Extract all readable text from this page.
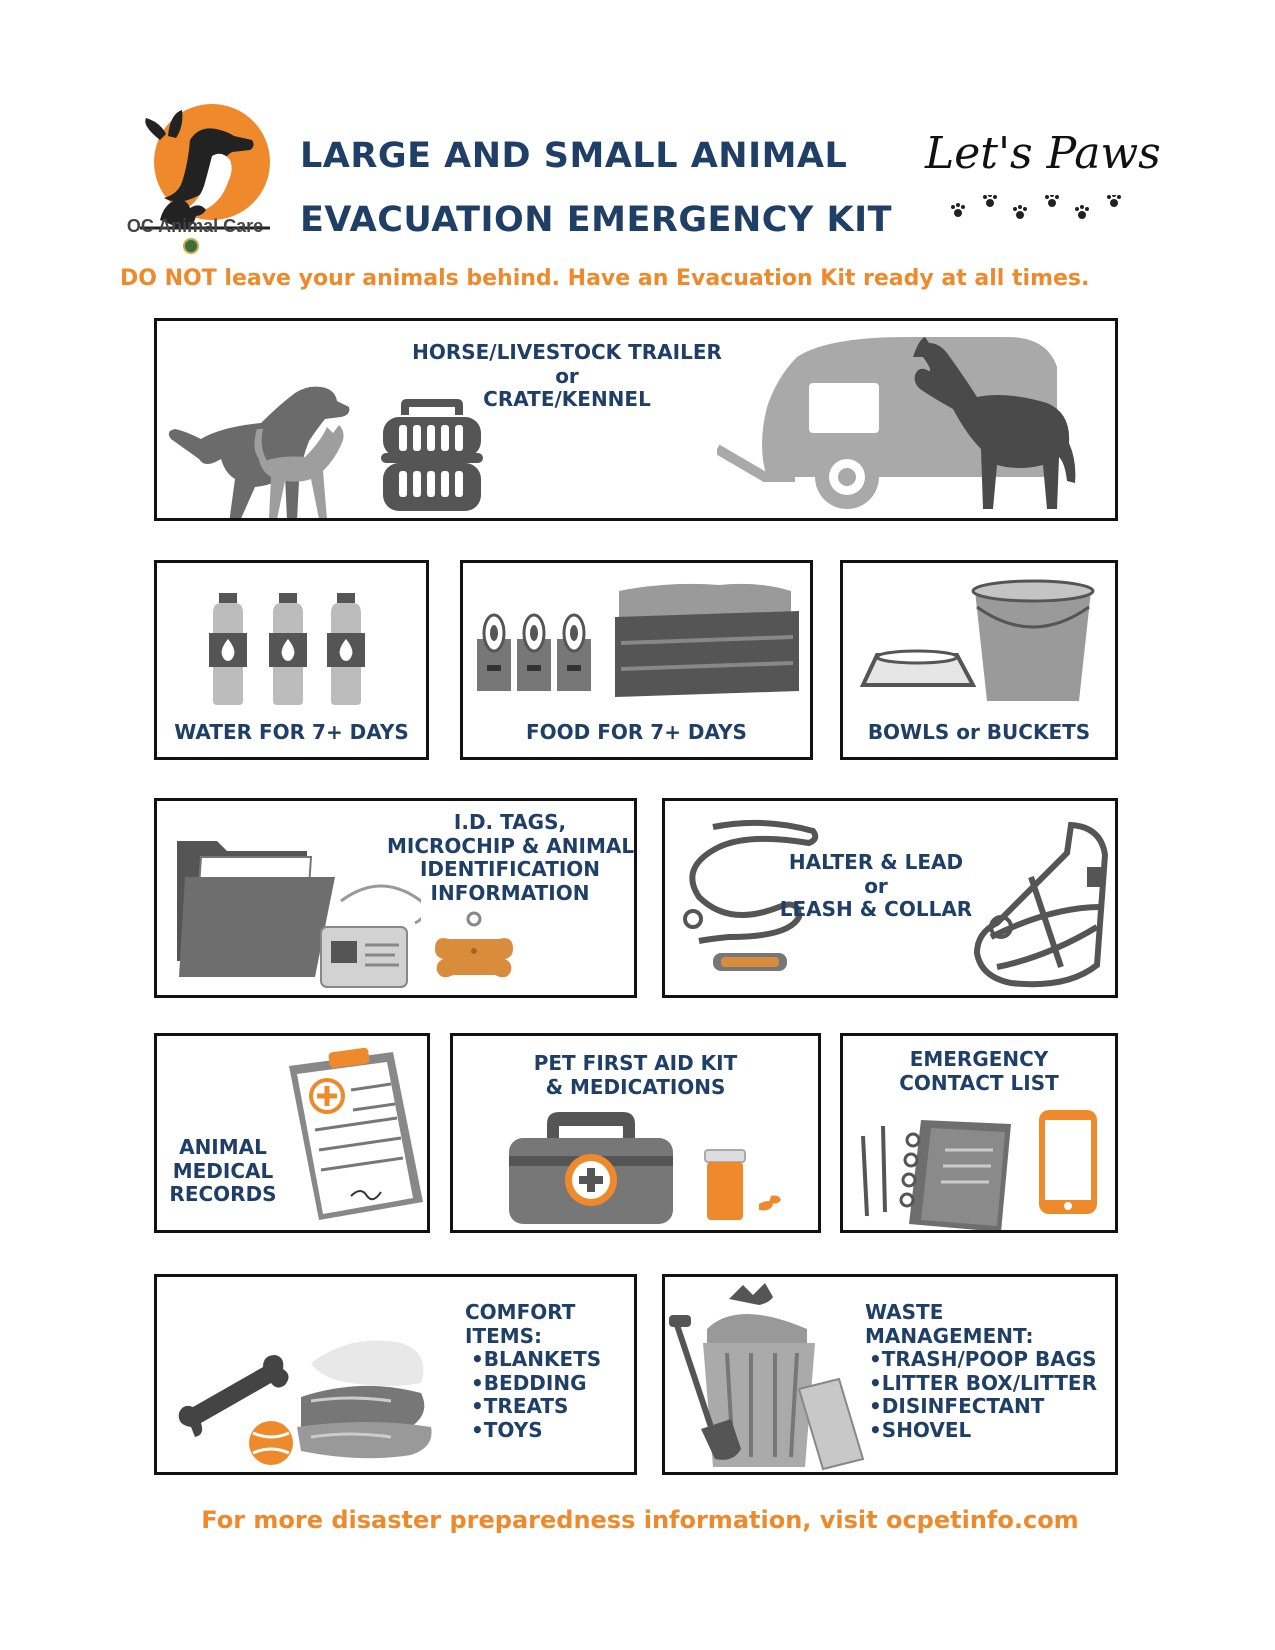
OC Animal Care
LARGE AND SMALL ANIMAL
EVACUATION EMERGENCY KIT
Let's Paws
DO NOT leave your animals behind. Have an Evacuation Kit ready at all times.
HORSE/LIVESTOCK TRAILER
or
CRATE/KENNEL
WATER FOR 7+ DAYS	FOOD FOR 7+ DAYS	BOWLS or BUCKETS
I.D. TAGS,
MICROCHIP & ANIMAL
IDENTIFICATION
INFORMATION
HALTER & LEAD
or
LEASH & COLLAR
ANIMAL
MEDICAL
RECORDS
PET FIRST AID KIT
& MEDICATIONS
EMERGENCY
CONTACT LIST
COMFORT
ITEMS:
•BLANKETS
•BEDDING
•TREATS
•TOYS
WASTE
MANAGEMENT:
•TRASH/POOP BAGS
•LITTER BOX/LITTER
•DISINFECTANT
•SHOVEL
For more disaster preparedness information, visit ocpetinfo.com
